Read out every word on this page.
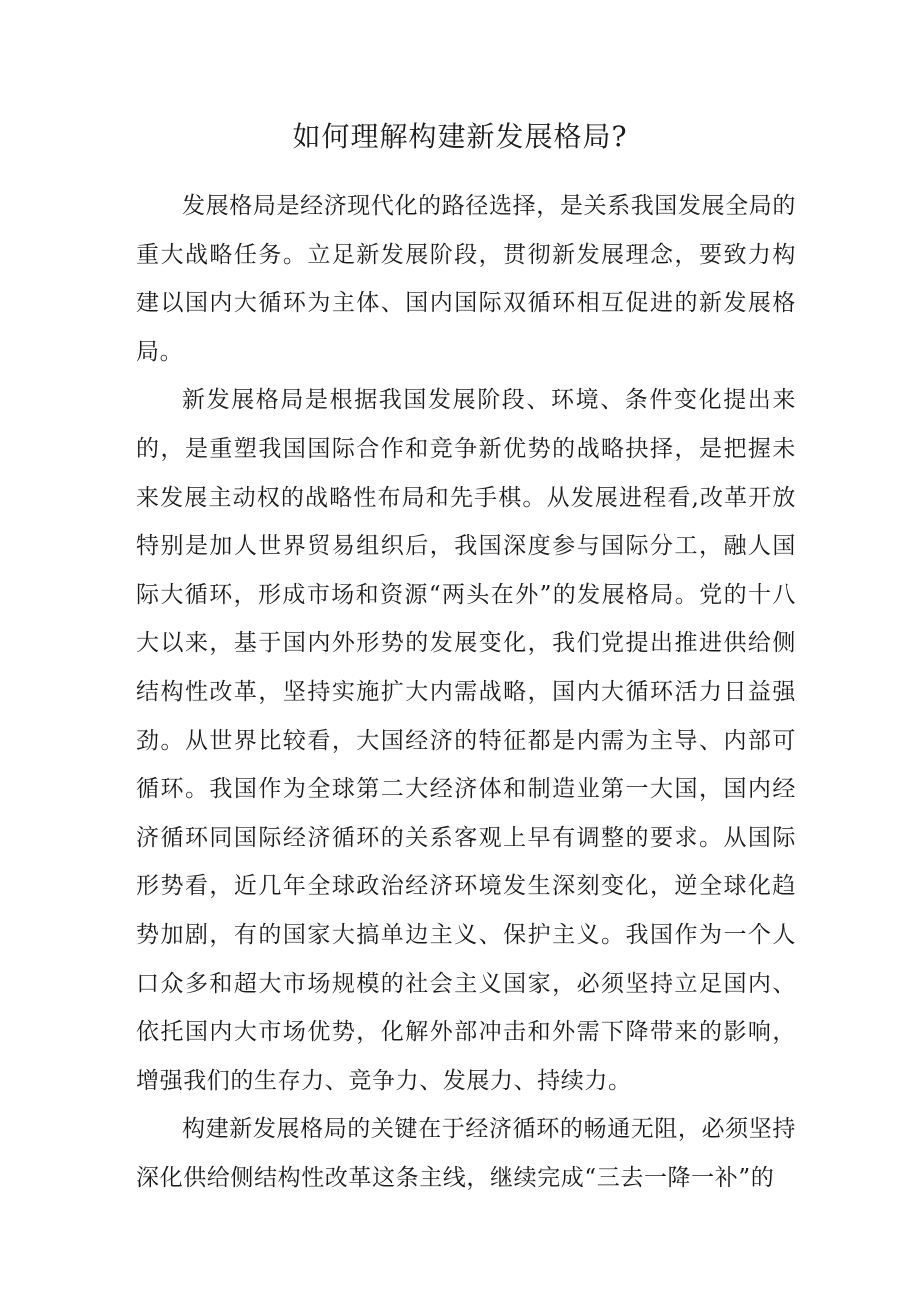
如何理解构建新发展格局?

发展格局是经济现代化的路径选择，是关系我国发展全局的重大战略任务。立足新发展阶段，贯彻新发展理念，要致力构建以国内大循环为主体、国内国际双循环相互促进的新发展格局。

新发展格局是根据我国发展阶段、环境、条件变化提出来的，是重塑我国国际合作和竞争新优势的战略抉择，是把握未来发展主动权的战略性布局和先手棋。从发展进程看,改革开放特别是加人世界贸易组织后，我国深度参与国际分工，融人国际大循环，形成市场和资源“两头在外”的发展格局。党的十八大以来，基于国内外形势的发展变化，我们党提出推进供给侧结构性改革，坚持实施扩大内需战略，国内大循环活力日益强劲。从世界比较看，大国经济的特征都是内需为主导、内部可循环。我国作为全球第二大经济体和制造业第一大国，国内经济循环同国际经济循环的关系客观上早有调整的要求。从国际形势看，近几年全球政治经济环境发生深刻变化，逆全球化趋势加剧，有的国家大搞单边主义、保护主义。我国作为一个人口众多和超大市场规模的社会主义国家，必须坚持立足国内、依托国内大市场优势，化解外部冲击和外需下降带来的影响，增强我们的生存力、竞争力、发展力、持续力。

构建新发展格局的关键在于经济循环的畅通无阻，必须坚持深化供给侧结构性改革这条主线，继续完成“三去一降一补”的
